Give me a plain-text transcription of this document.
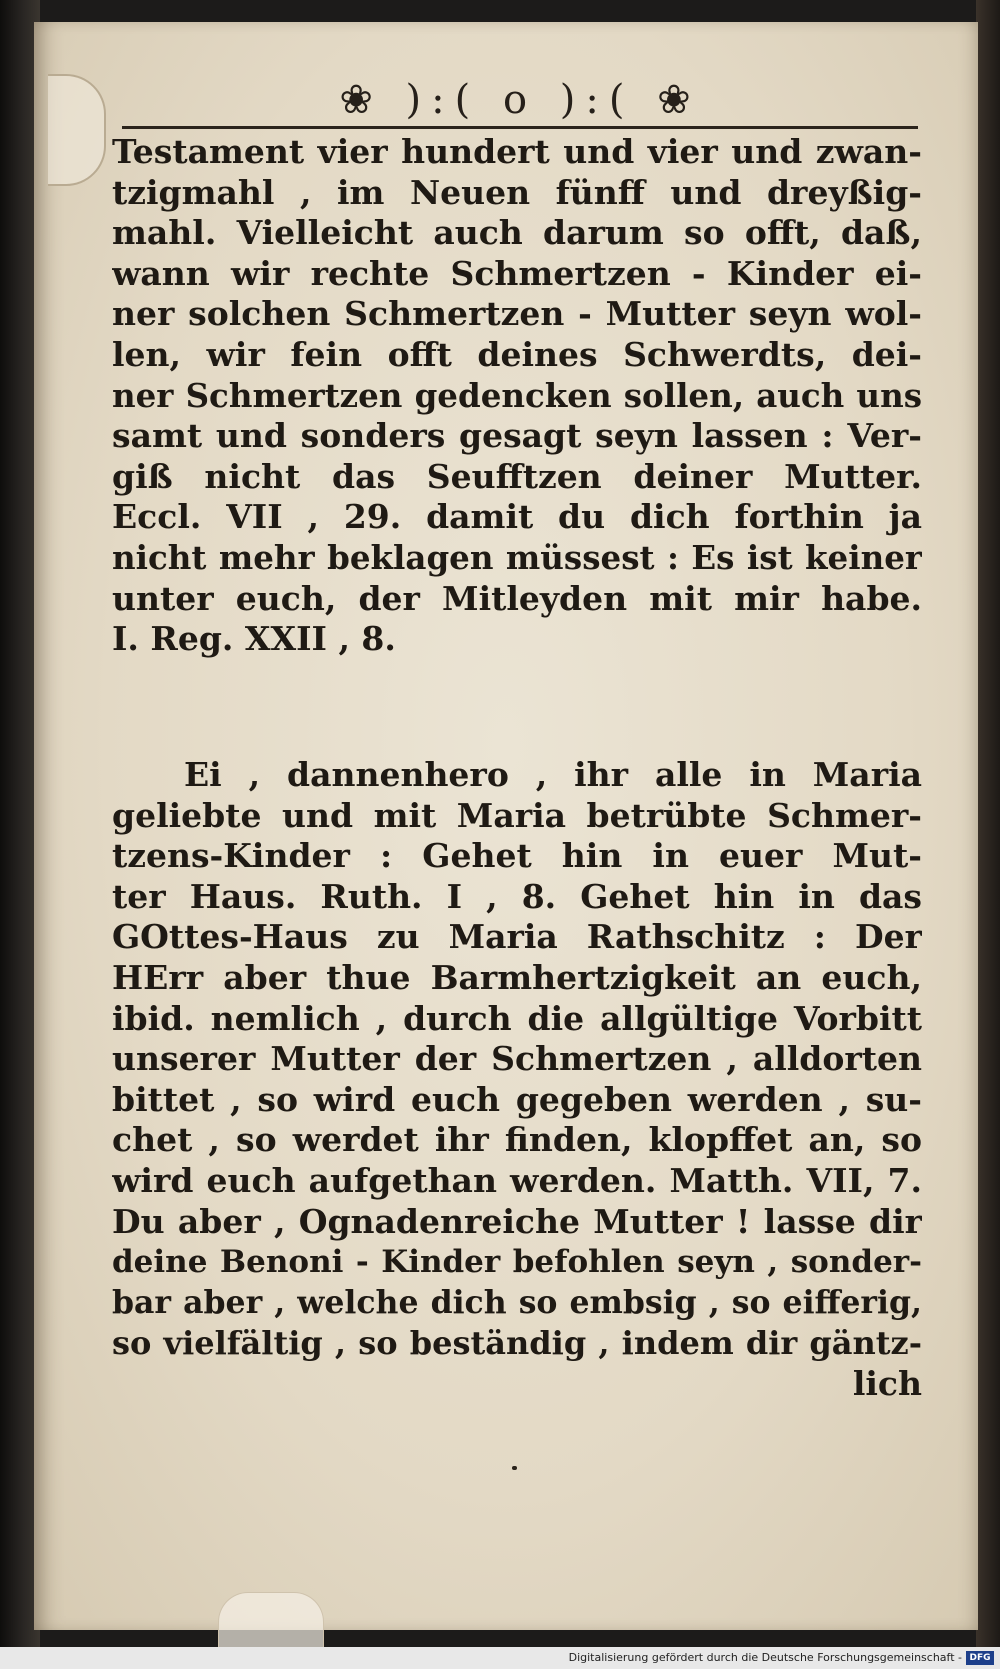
❀ ):( o ):( ❀
Testament vier hundert und vier und zwan-
tzigmahl , im Neuen fünff und dreyßig-
mahl. Vielleicht auch darum so offt, daß,
wann wir rechte Schmertzen - Kinder ei-
ner solchen Schmertzen - Mutter seyn wol-
len, wir fein offt deines Schwerdts, dei-
ner Schmertzen gedencken sollen, auch uns
samt und sonders gesagt seyn lassen : Ver-
giß nicht das Seufftzen deiner Mutter.
Eccl. VII , 29. damit du dich forthin ja
nicht mehr beklagen müssest : Es ist keiner
unter euch, der Mitleyden mit mir habe.
I. Reg. XXII , 8.
Ei , dannenhero , ihr alle in Maria
geliebte und mit Maria betrübte Schmer-
tzens-Kinder : Gehet hin in euer Mut-
ter Haus. Ruth. I , 8. Gehet hin in das
GOttes-Haus zu Maria Rathschitz : Der
HErr aber thue Barmhertzigkeit an euch,
ibid. nemlich , durch die allgültige Vorbitt
unserer Mutter der Schmertzen , alldorten
bittet , so wird euch gegeben werden , su-
chet , so werdet ihr finden, klopffet an, so
wird euch aufgethan werden. Matth. VII, 7.
Du aber , Ognadenreiche Mutter ! lasse dir
deine Benoni - Kinder befohlen seyn , sonder-
bar aber , welche dich so embsig , so eifferig,
so vielfältig , so beständig , indem dir gäntz-
lich
Digitalisierung gefördert durch die Deutsche Forschungsgemeinschaft - DFG
